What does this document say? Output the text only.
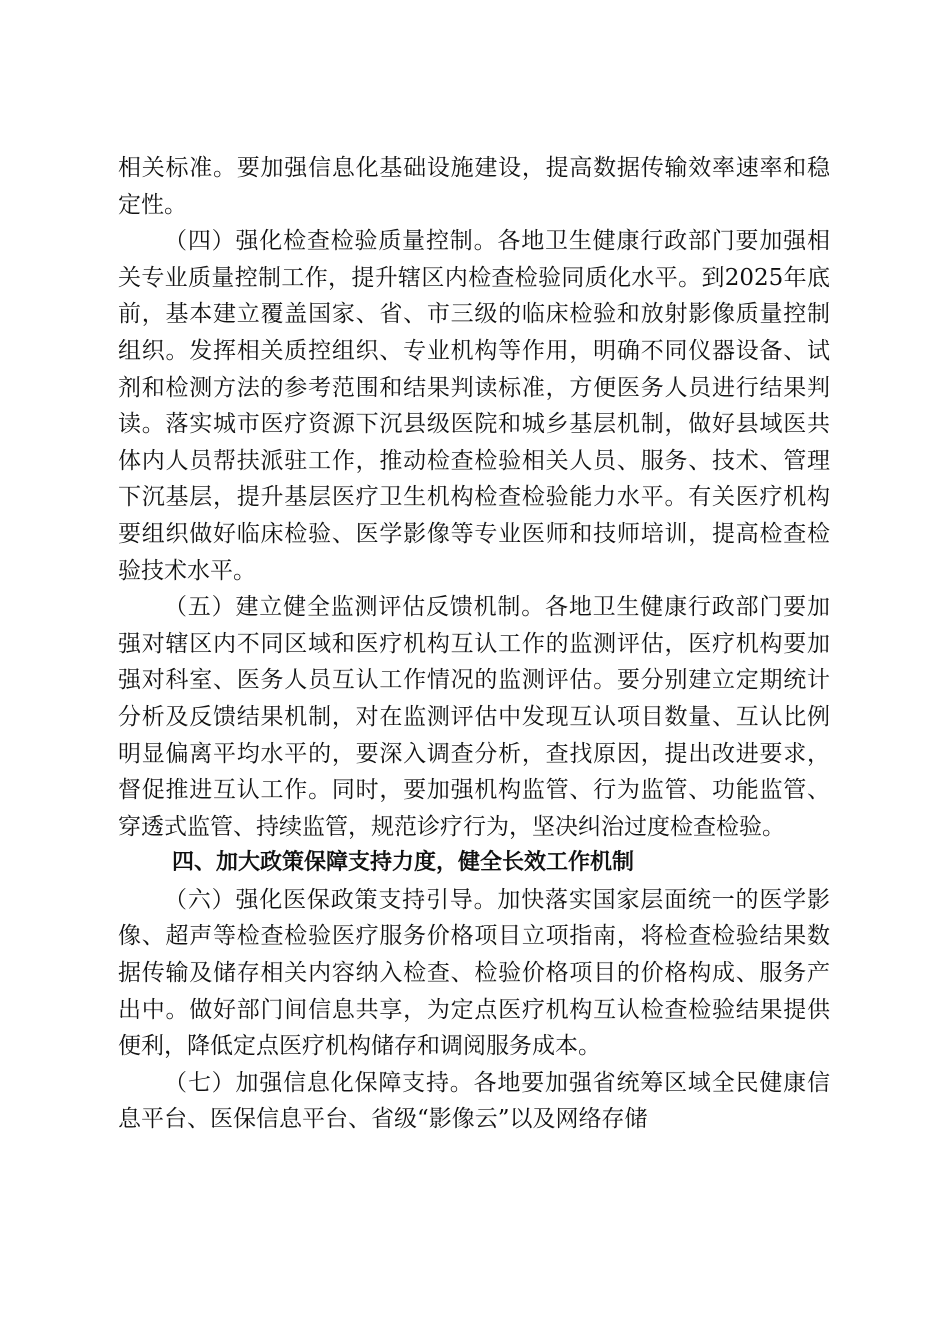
相关标准。要加强信息化基础设施建设，提高数据传输效率速率和稳定性。

（四）强化检查检验质量控制。各地卫生健康行政部门要加强相关专业质量控制工作，提升辖区内检查检验同质化水平。到2025年底前，基本建立覆盖国家、省、市三级的临床检验和放射影像质量控制组织。发挥相关质控组织、专业机构等作用，明确不同仪器设备、试剂和检测方法的参考范围和结果判读标准，方便医务人员进行结果判读。落实城市医疗资源下沉县级医院和城乡基层机制，做好县域医共体内人员帮扶派驻工作，推动检查检验相关人员、服务、技术、管理下沉基层，提升基层医疗卫生机构检查检验能力水平。有关医疗机构要组织做好临床检验、医学影像等专业医师和技师培训，提高检查检验技术水平。

（五）建立健全监测评估反馈机制。各地卫生健康行政部门要加强对辖区内不同区域和医疗机构互认工作的监测评估，医疗机构要加强对科室、医务人员互认工作情况的监测评估。要分别建立定期统计分析及反馈结果机制，对在监测评估中发现互认项目数量、互认比例明显偏离平均水平的，要深入调查分析，查找原因，提出改进要求，督促推进互认工作。同时，要加强机构监管、行为监管、功能监管、穿透式监管、持续监管，规范诊疗行为，坚决纠治过度检查检验。

四、加大政策保障支持力度，健全长效工作机制

（六）强化医保政策支持引导。加快落实国家层面统一的医学影像、超声等检查检验医疗服务价格项目立项指南，将检查检验结果数据传输及储存相关内容纳入检查、检验价格项目的价格构成、服务产出中。做好部门间信息共享，为定点医疗机构互认检查检验结果提供便利，降低定点医疗机构储存和调阅服务成本。

（七）加强信息化保障支持。各地要加强省统筹区域全民健康信息平台、医保信息平台、省级“影像云”以及网络存储
